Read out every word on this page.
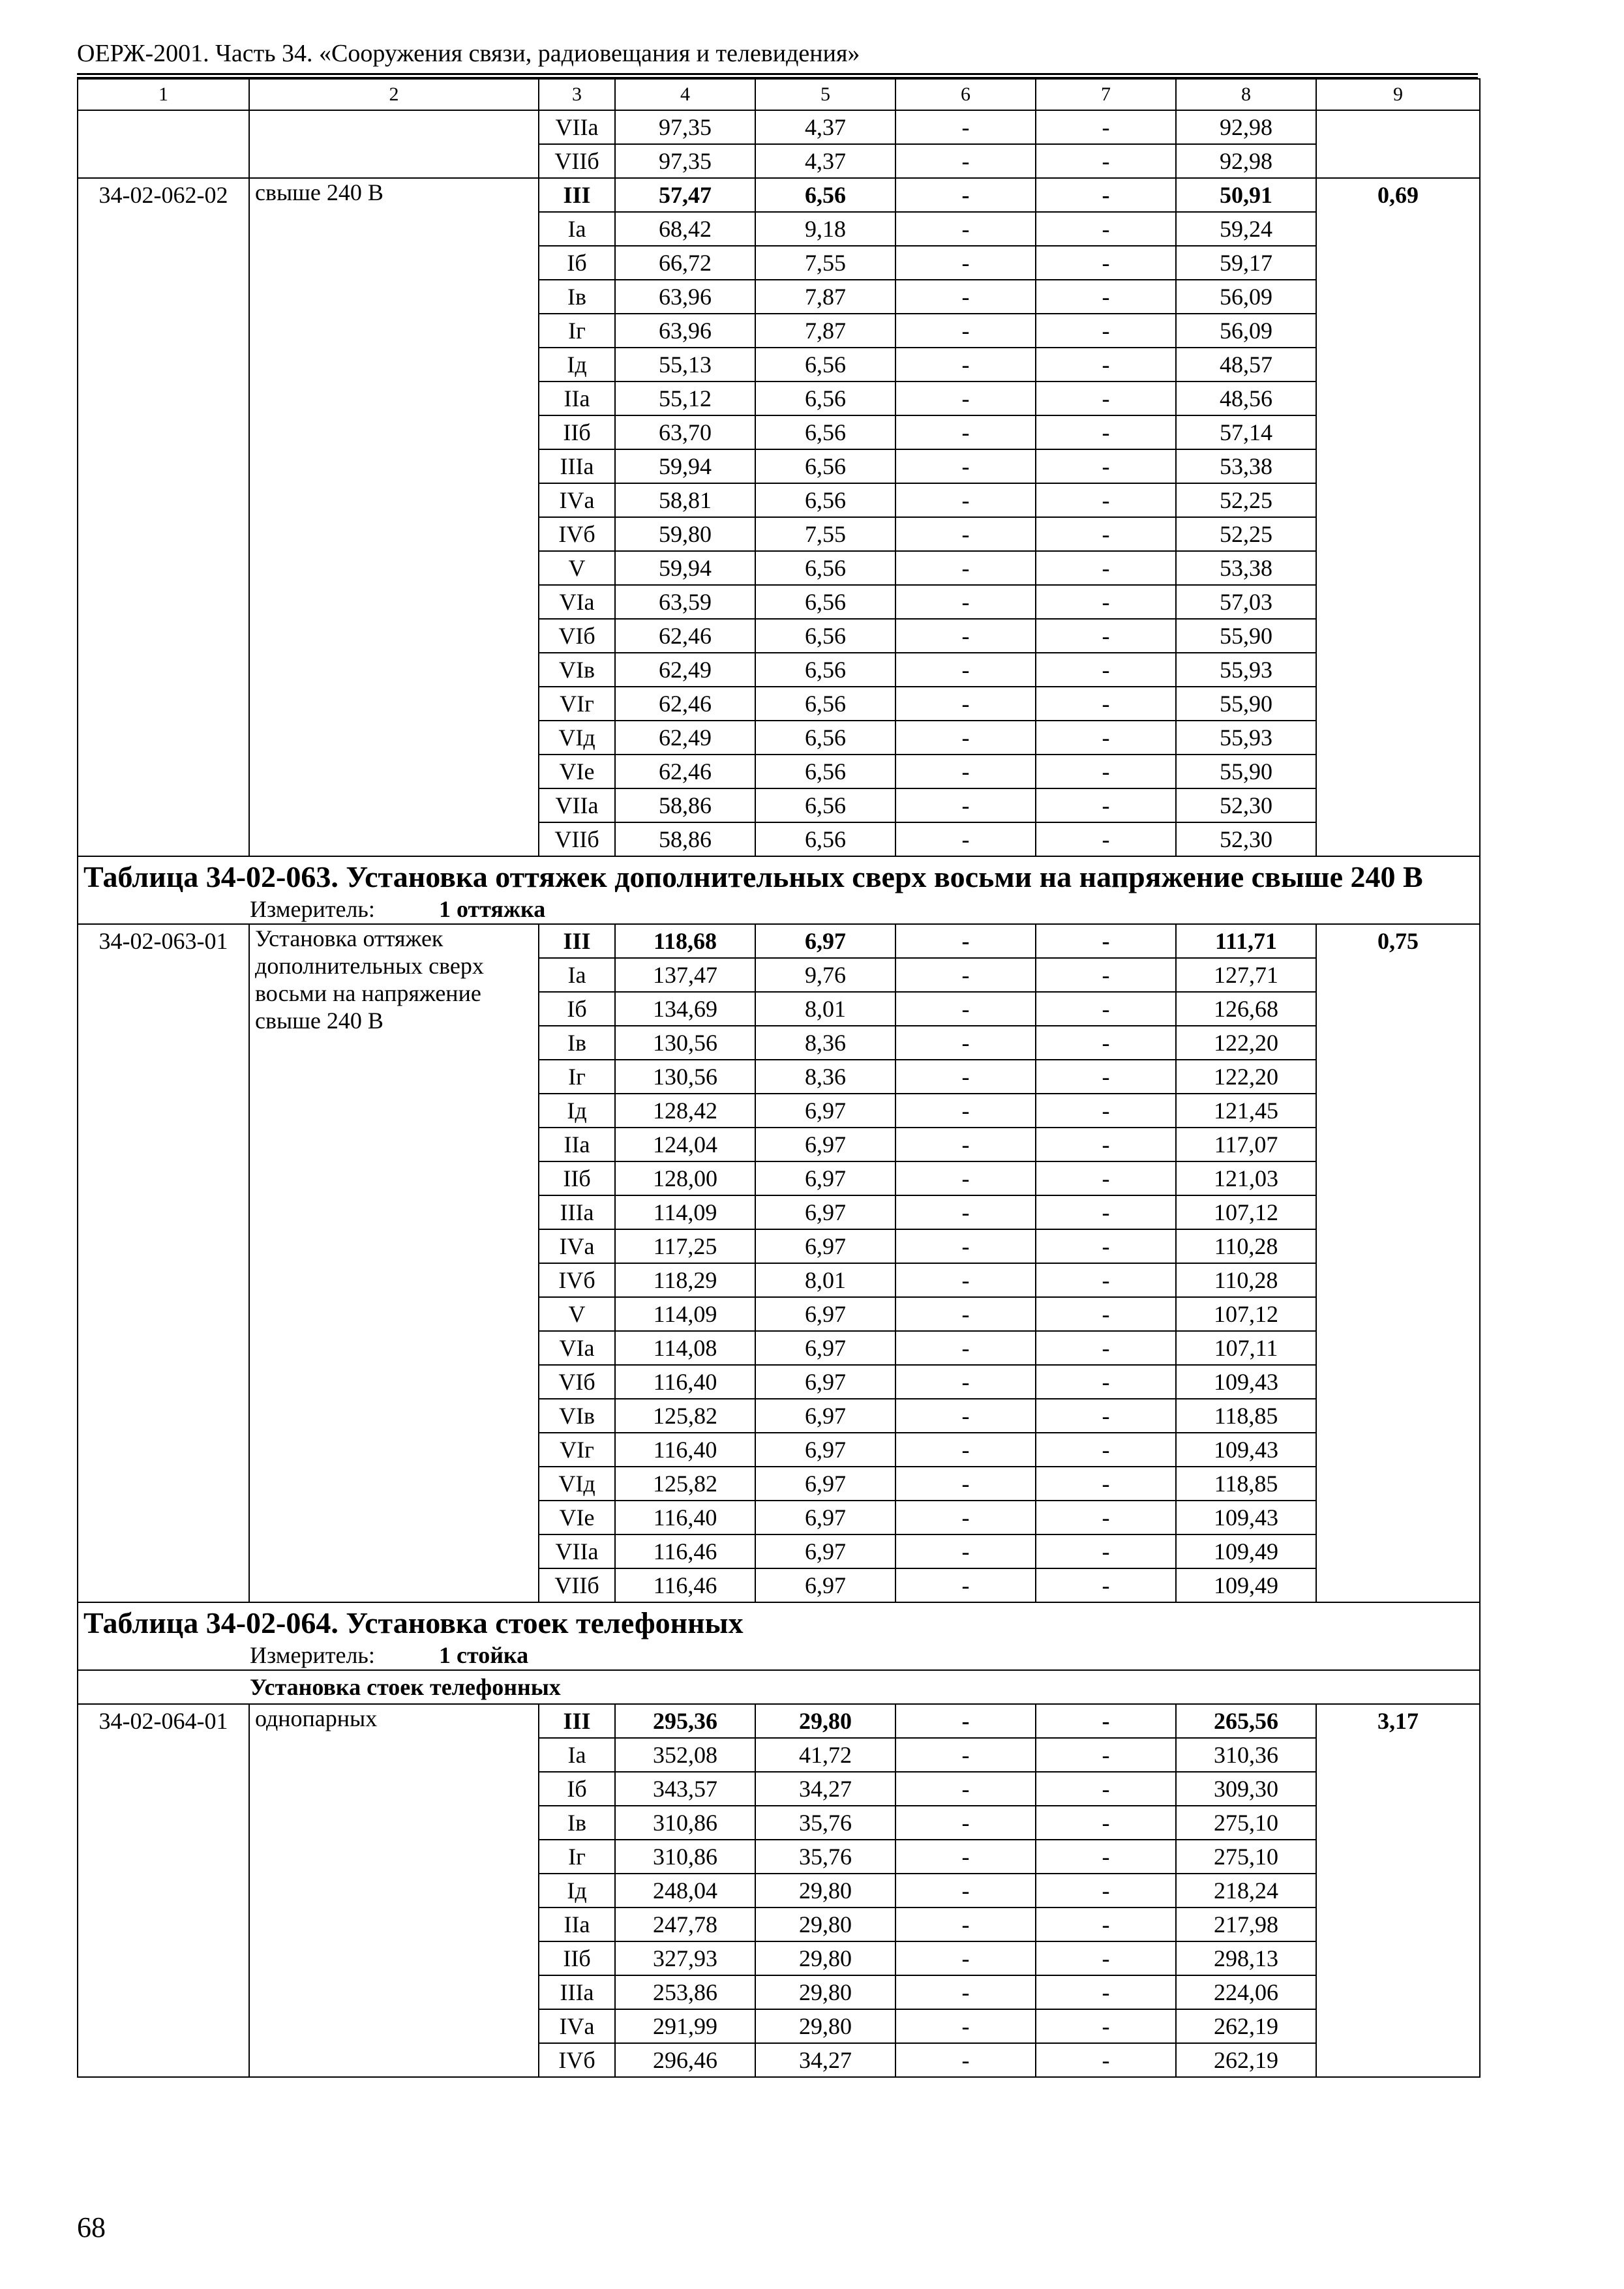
ОЕРЖ-2001. Часть 34. «Сооружения связи, радиовещания и телевидения»
1	2	3	4	5	6	7	8	9
		VIIа	97,35	4,37	-	-	92,98	
		VIIб	97,35	4,37	-	-	92,98	
34-02-062-02	свыше 240 В	III	57,47	6,56	-	-	50,91	0,69
		Iа	68,42	9,18	-	-	59,24	
		Iб	66,72	7,55	-	-	59,17	
		Iв	63,96	7,87	-	-	56,09	
		Iг	63,96	7,87	-	-	56,09	
		Iд	55,13	6,56	-	-	48,57	
		IIа	55,12	6,56	-	-	48,56	
		IIб	63,70	6,56	-	-	57,14	
		IIIа	59,94	6,56	-	-	53,38	
		IVа	58,81	6,56	-	-	52,25	
		IVб	59,80	7,55	-	-	52,25	
		V	59,94	6,56	-	-	53,38	
		VIа	63,59	6,56	-	-	57,03	
		VIб	62,46	6,56	-	-	55,90	
		VIв	62,49	6,56	-	-	55,93	
		VIг	62,46	6,56	-	-	55,90	
		VIд	62,49	6,56	-	-	55,93	
		VIе	62,46	6,56	-	-	55,90	
		VIIа	58,86	6,56	-	-	52,30	
		VIIб	58,86	6,56	-	-	52,30	

Таблица 34-02-063. Установка оттяжек дополнительных сверх восьми на напряжение свыше 240 В
Измеритель: 1 оттяжка								

34-02-063-01	Установка оттяжек дополнительных сверх восьми на напряжение свыше 240 В	III	118,68	6,97	-	-	111,71	0,75
		Iа	137,47	9,76	-	-	127,71	
		Iб	134,69	8,01	-	-	126,68	
		Iв	130,56	8,36	-	-	122,20	
		Iг	130,56	8,36	-	-	122,20	
		Iд	128,42	6,97	-	-	121,45	
		IIа	124,04	6,97	-	-	117,07	
		IIб	128,00	6,97	-	-	121,03	
		IIIа	114,09	6,97	-	-	107,12	
		IVа	117,25	6,97	-	-	110,28	
		IVб	118,29	8,01	-	-	110,28	
		V	114,09	6,97	-	-	107,12	
		VIа	114,08	6,97	-	-	107,11	
		VIб	116,40	6,97	-	-	109,43	
		VIв	125,82	6,97	-	-	118,85	
		VIг	116,40	6,97	-	-	109,43	
		VIд	125,82	6,97	-	-	118,85	
		VIе	116,40	6,97	-	-	109,43	
		VIIа	116,46	6,97	-	-	109,49	
		VIIб	116,46	6,97	-	-	109,49	

Таблица 34-02-064. Установка стоек телефонных
Измеритель: 1 стойка								

Установка стоек телефонных								
34-02-064-01	однопарных	III	295,36	29,80	-	-	265,56	3,17
		Iа	352,08	41,72	-	-	310,36	
		Iб	343,57	34,27	-	-	309,30	
		Iв	310,86	35,76	-	-	275,10	
		Iг	310,86	35,76	-	-	275,10	
		Iд	248,04	29,80	-	-	218,24	
		IIа	247,78	29,80	-	-	217,98	
		IIб	327,93	29,80	-	-	298,13	
		IIIа	253,86	29,80	-	-	224,06	
		IVа	291,99	29,80	-	-	262,19	
		IVб	296,46	34,27	-	-	262,19	
68
